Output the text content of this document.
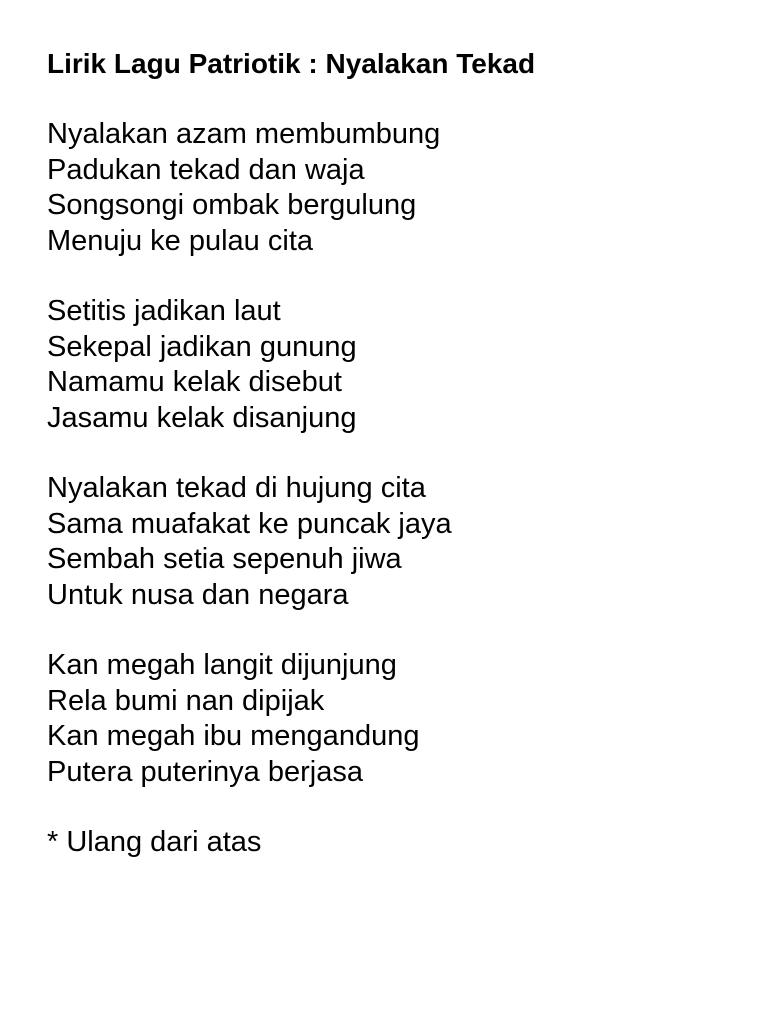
Lirik Lagu Patriotik : Nyalakan Tekad

Nyalakan azam membumbung

Padukan tekad dan waja

Songsongi ombak bergulung

Menuju ke pulau cita

Setitis jadikan laut

Sekepal jadikan gunung

Namamu kelak disebut

Jasamu kelak disanjung

Nyalakan tekad di hujung cita

Sama muafakat ke puncak jaya

Sembah setia sepenuh jiwa

Untuk nusa dan negara

Kan megah langit dijunjung

Rela bumi nan dipijak

Kan megah ibu mengandung

Putera puterinya berjasa

* Ulang dari atas
